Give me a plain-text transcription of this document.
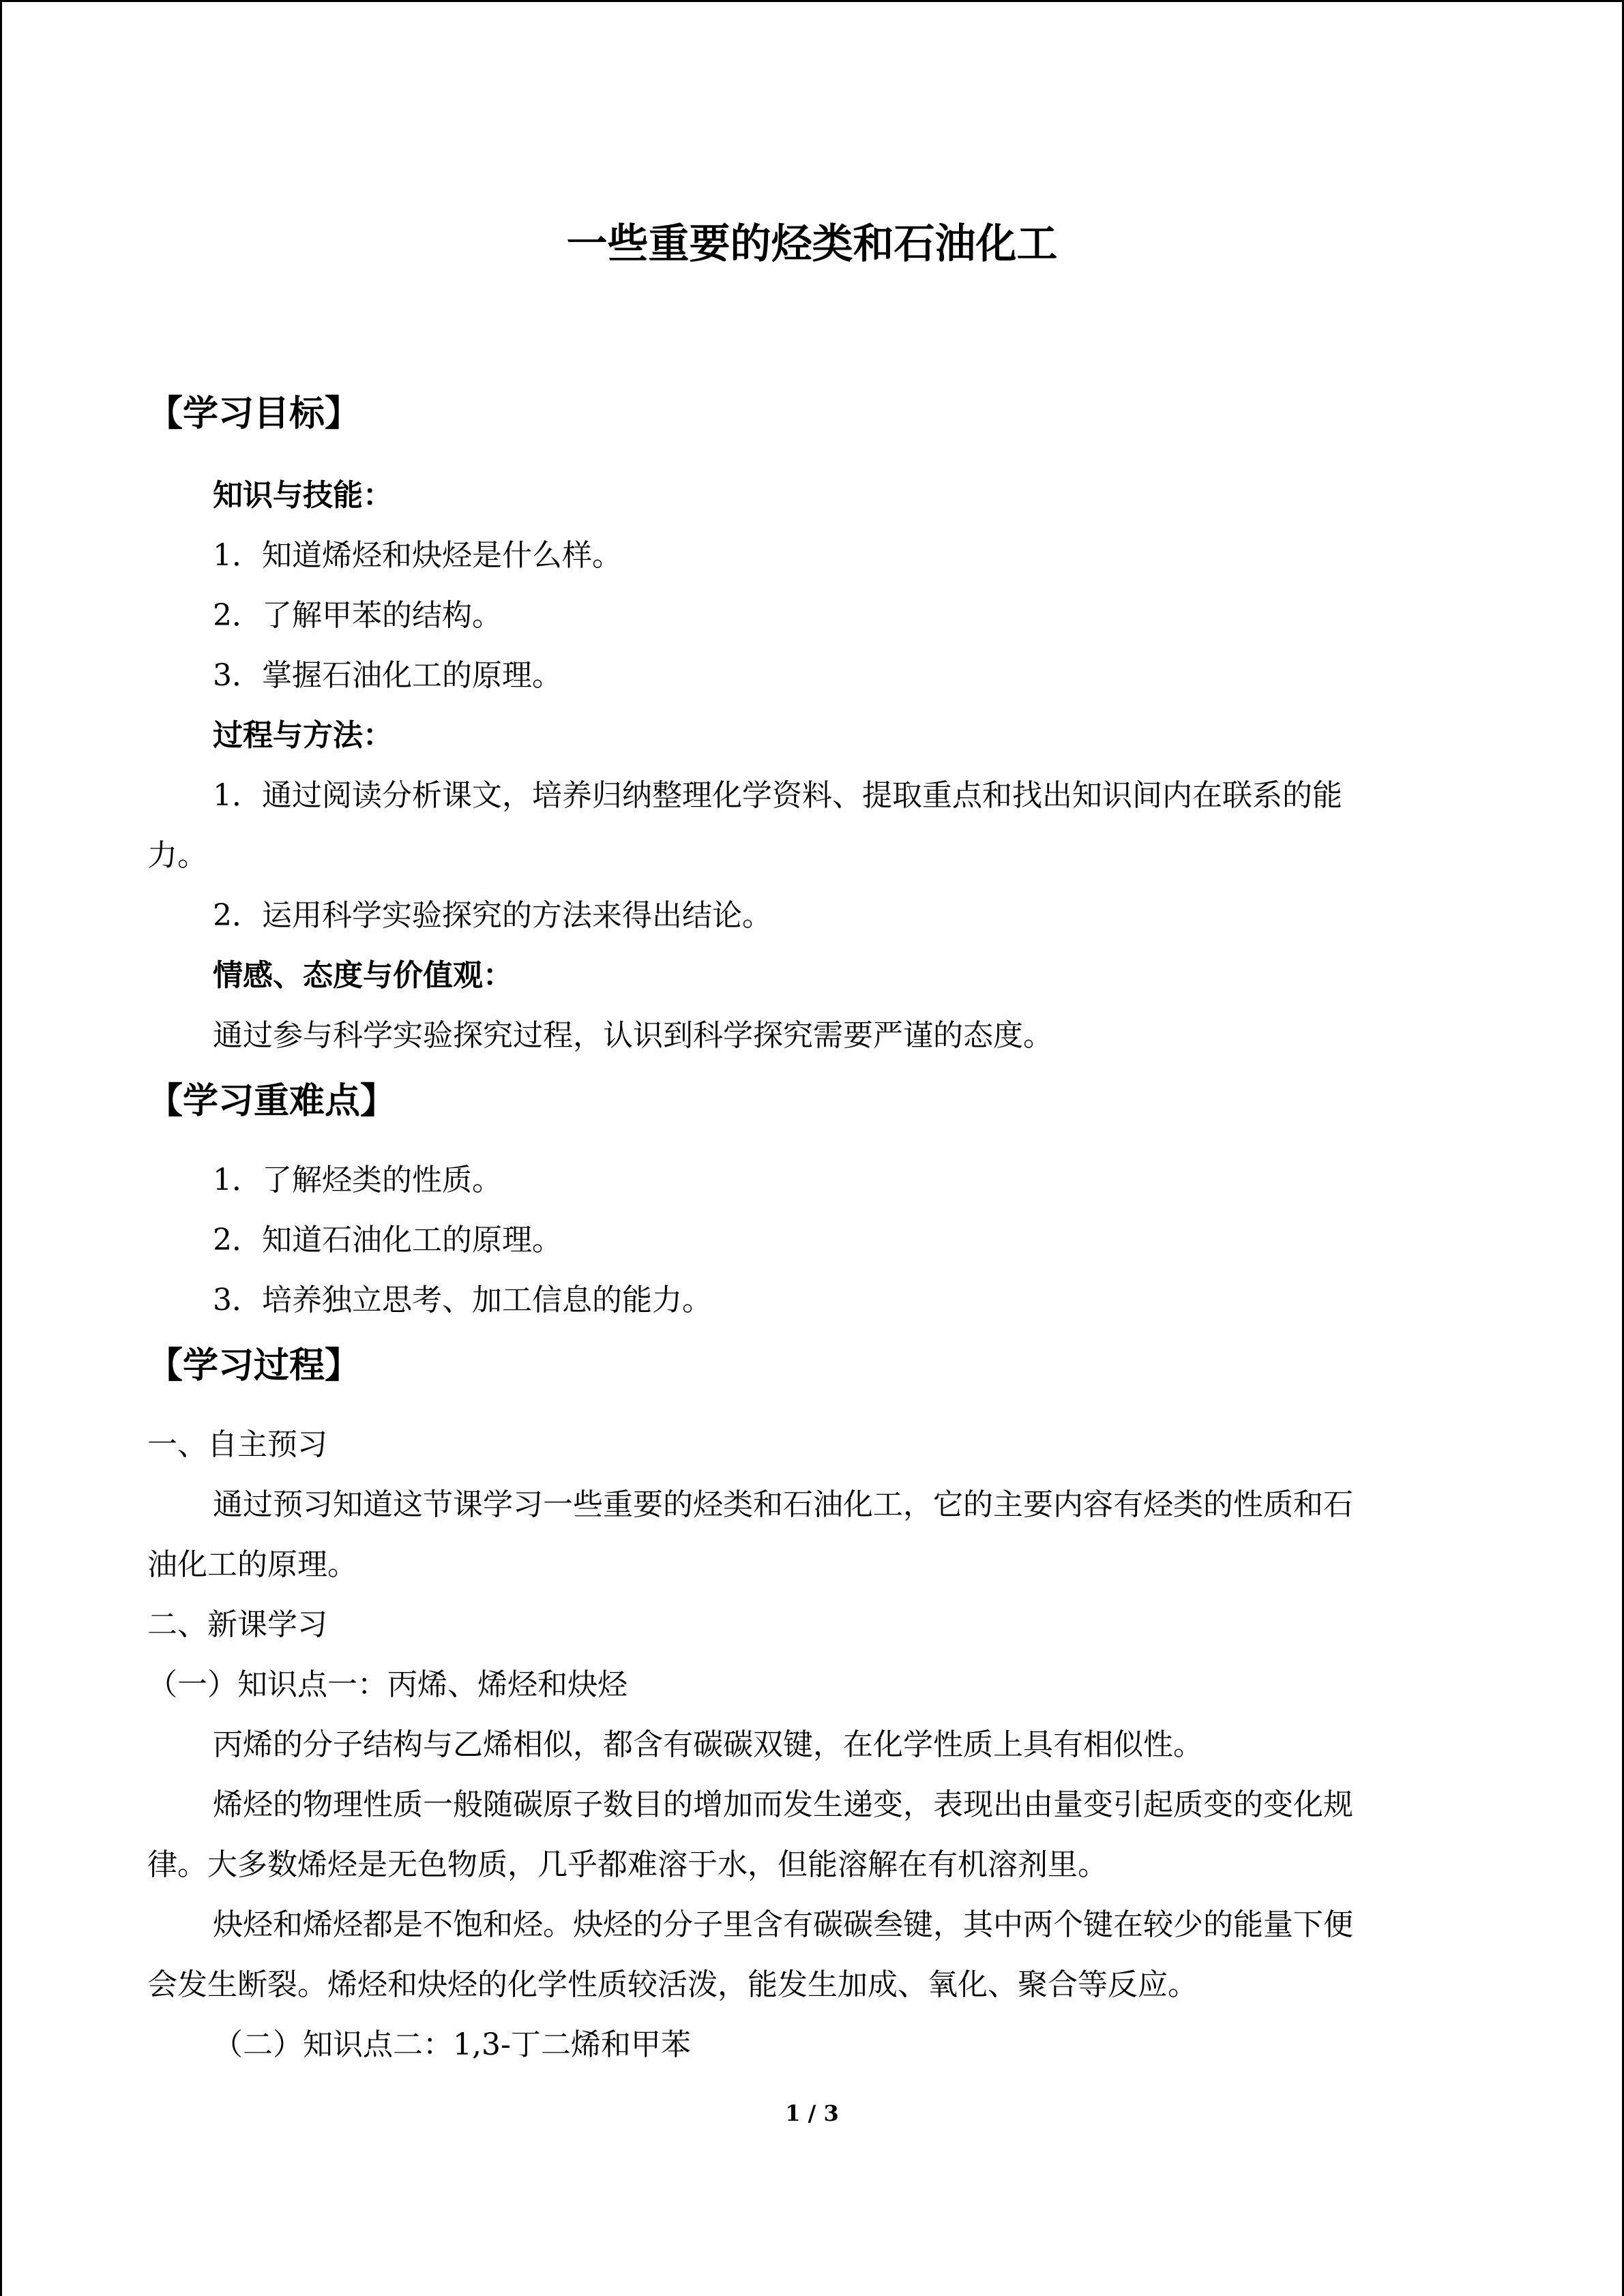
一些重要的烃类和石油化工
【学习目标】
知识与技能：
1．知道烯烃和炔烃是什么样。
2．了解甲苯的结构。
3．掌握石油化工的原理。
过程与方法：
1．通过阅读分析课文，培养归纳整理化学资料、提取重点和找出知识间内在联系的能
力。
2．运用科学实验探究的方法来得出结论。
情感、态度与价值观：
通过参与科学实验探究过程，认识到科学探究需要严谨的态度。
【学习重难点】
1．了解烃类的性质。
2．知道石油化工的原理。
3．培养独立思考、加工信息的能力。
【学习过程】
一、自主预习
通过预习知道这节课学习一些重要的烃类和石油化工，它的主要内容有烃类的性质和石
油化工的原理。
二、新课学习
（一）知识点一：丙烯、烯烃和炔烃
丙烯的分子结构与乙烯相似，都含有碳碳双键，在化学性质上具有相似性。
烯烃的物理性质一般随碳原子数目的增加而发生递变，表现出由量变引起质变的变化规
律。大多数烯烃是无色物质，几乎都难溶于水，但能溶解在有机溶剂里。
炔烃和烯烃都是不饱和烃。炔烃的分子里含有碳碳叁键，其中两个键在较少的能量下便
会发生断裂。烯烃和炔烃的化学性质较活泼，能发生加成、氧化、聚合等反应。
（二）知识点二：1,3-丁二烯和甲苯
1 / 3
